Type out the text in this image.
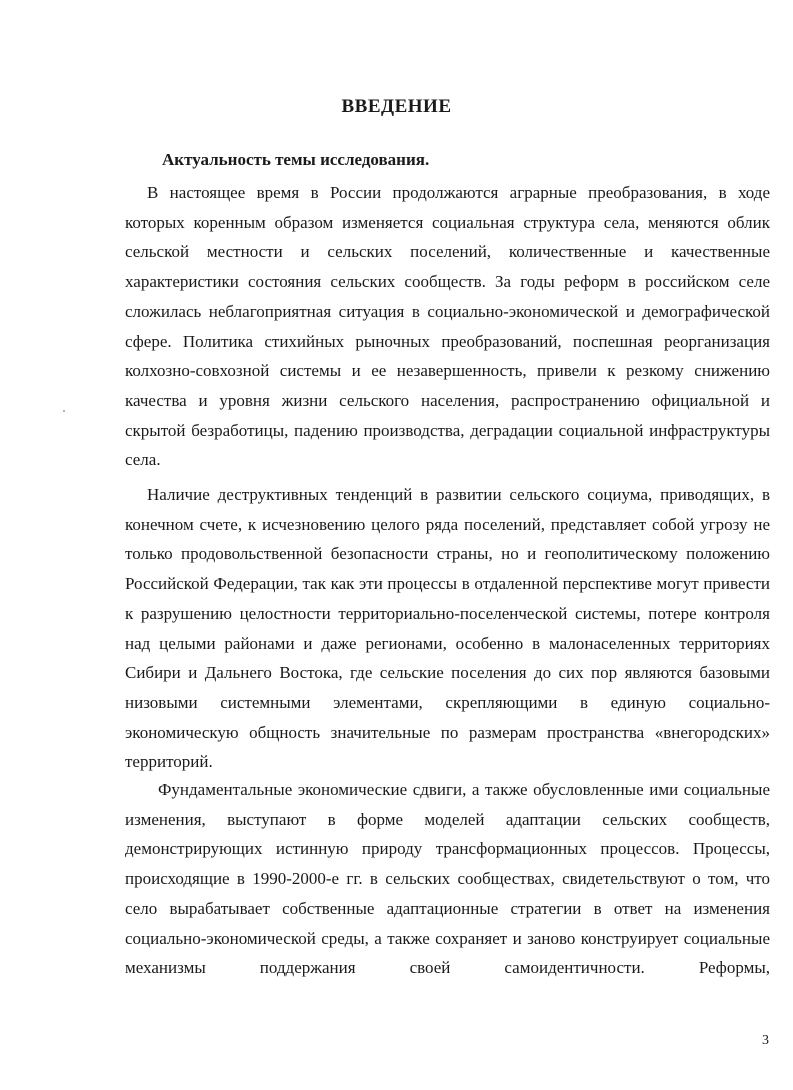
ВВЕДЕНИЕ
Актуальность темы исследования.

В настоящее время в России продолжаются аграрные преобразования, в ходе которых коренным образом изменяется социальная структура села, меняются облик сельской местности и сельских поселений, количественные и качественные характеристики состояния сельских сообществ. За годы реформ в российском селе сложилась неблагоприятная ситуация в социально-экономической и демографической сфере. Политика стихийных рыночных преобразований, поспешная реорганизация колхозно-совхозной системы и ее незавершенность, привели к резкому снижению качества и уровня жизни сельского населения, распространению официальной и скрытой безработицы, падению производства, деградации социальной инфраструктуры села.

Наличие деструктивных тенденций в развитии сельского социума, приводящих, в конечном счете, к исчезновению целого ряда поселений, представляет собой угрозу не только продовольственной безопасности страны, но и геополитическому положению Российской Федерации, так как эти процессы в отдаленной перспективе могут привести к разрушению целостности территориально-поселенческой системы, потере контроля над целыми районами и даже регионами, особенно в малонаселенных территориях Сибири и Дальнего Востока, где сельские поселения до сих пор являются базовыми низовыми системными элементами, скрепляющими в единую социально-экономическую общность значительные по размерам пространства «внегородских» территорий.

Фундаментальные экономические сдвиги, а также обусловленные ими социальные изменения, выступают в форме моделей адаптации сельских сообществ, демонстрирующих истинную природу трансформационных процессов. Процессы, происходящие в 1990-2000-е гг. в сельских сообществах, свидетельствуют о том, что село вырабатывает собственные адаптационные стратегии в ответ на изменения социально-экономической среды, а также сохраняет и заново конструирует социальные механизмы поддержания своей самоидентичности. Реформы,

3
